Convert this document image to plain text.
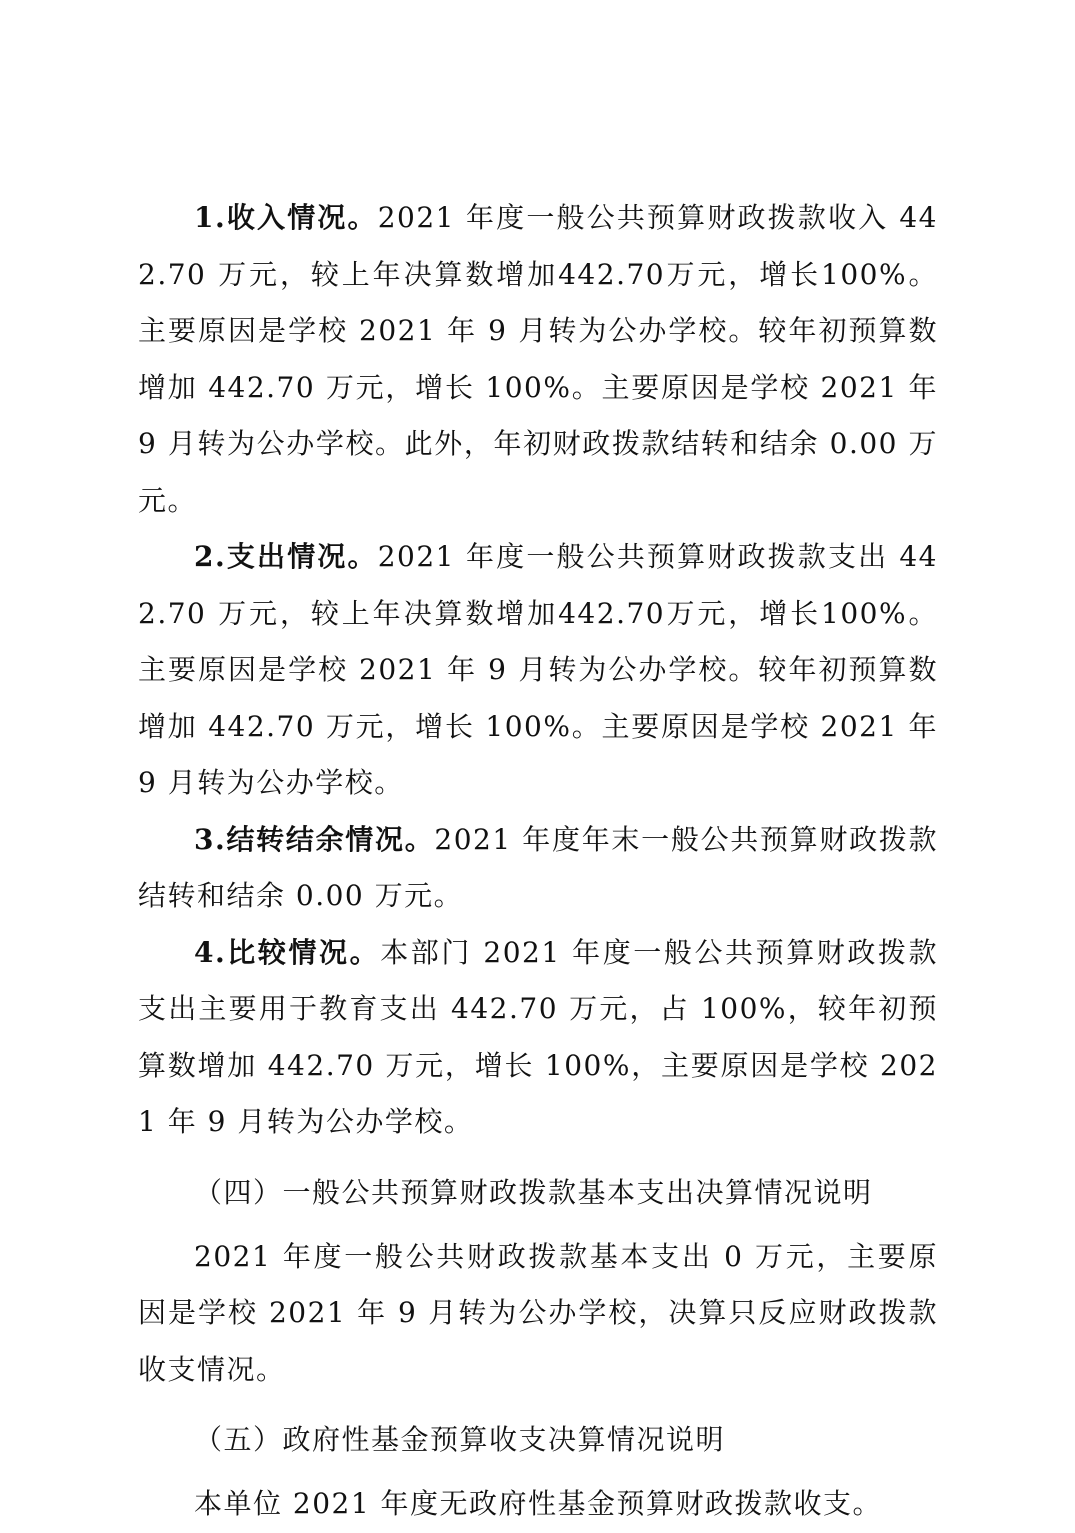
1.收入情况。2021 年度一般公共预算财政拨款收入 442.70 万元，较上年决算数增加442.70万元，增长100%。主要原因是学校 2021 年 9 月转为公办学校。较年初预算数增加 442.70 万元，增长 100%。主要原因是学校 2021 年 9 月转为公办学校。此外，年初财政拨款结转和结余 0.00 万元。

2.支出情况。2021 年度一般公共预算财政拨款支出 442.70 万元，较上年决算数增加442.70万元，增长100%。主要原因是学校 2021 年 9 月转为公办学校。较年初预算数增加 442.70 万元，增长 100%。主要原因是学校 2021 年 9 月转为公办学校。

3.结转结余情况。2021 年度年末一般公共预算财政拨款结转和结余 0.00 万元。

4.比较情况。本部门 2021 年度一般公共预算财政拨款支出主要用于教育支出 442.70 万元，占 100%，较年初预算数增加 442.70 万元，增长 100%，主要原因是学校 2021 年 9 月转为公办学校。

（四）一般公共预算财政拨款基本支出决算情况说明

2021 年度一般公共财政拨款基本支出 0 万元，主要原因是学校 2021 年 9 月转为公办学校，决算只反应财政拨款收支情况。

（五）政府性基金预算收支决算情况说明

本单位 2021 年度无政府性基金预算财政拨款收支。
